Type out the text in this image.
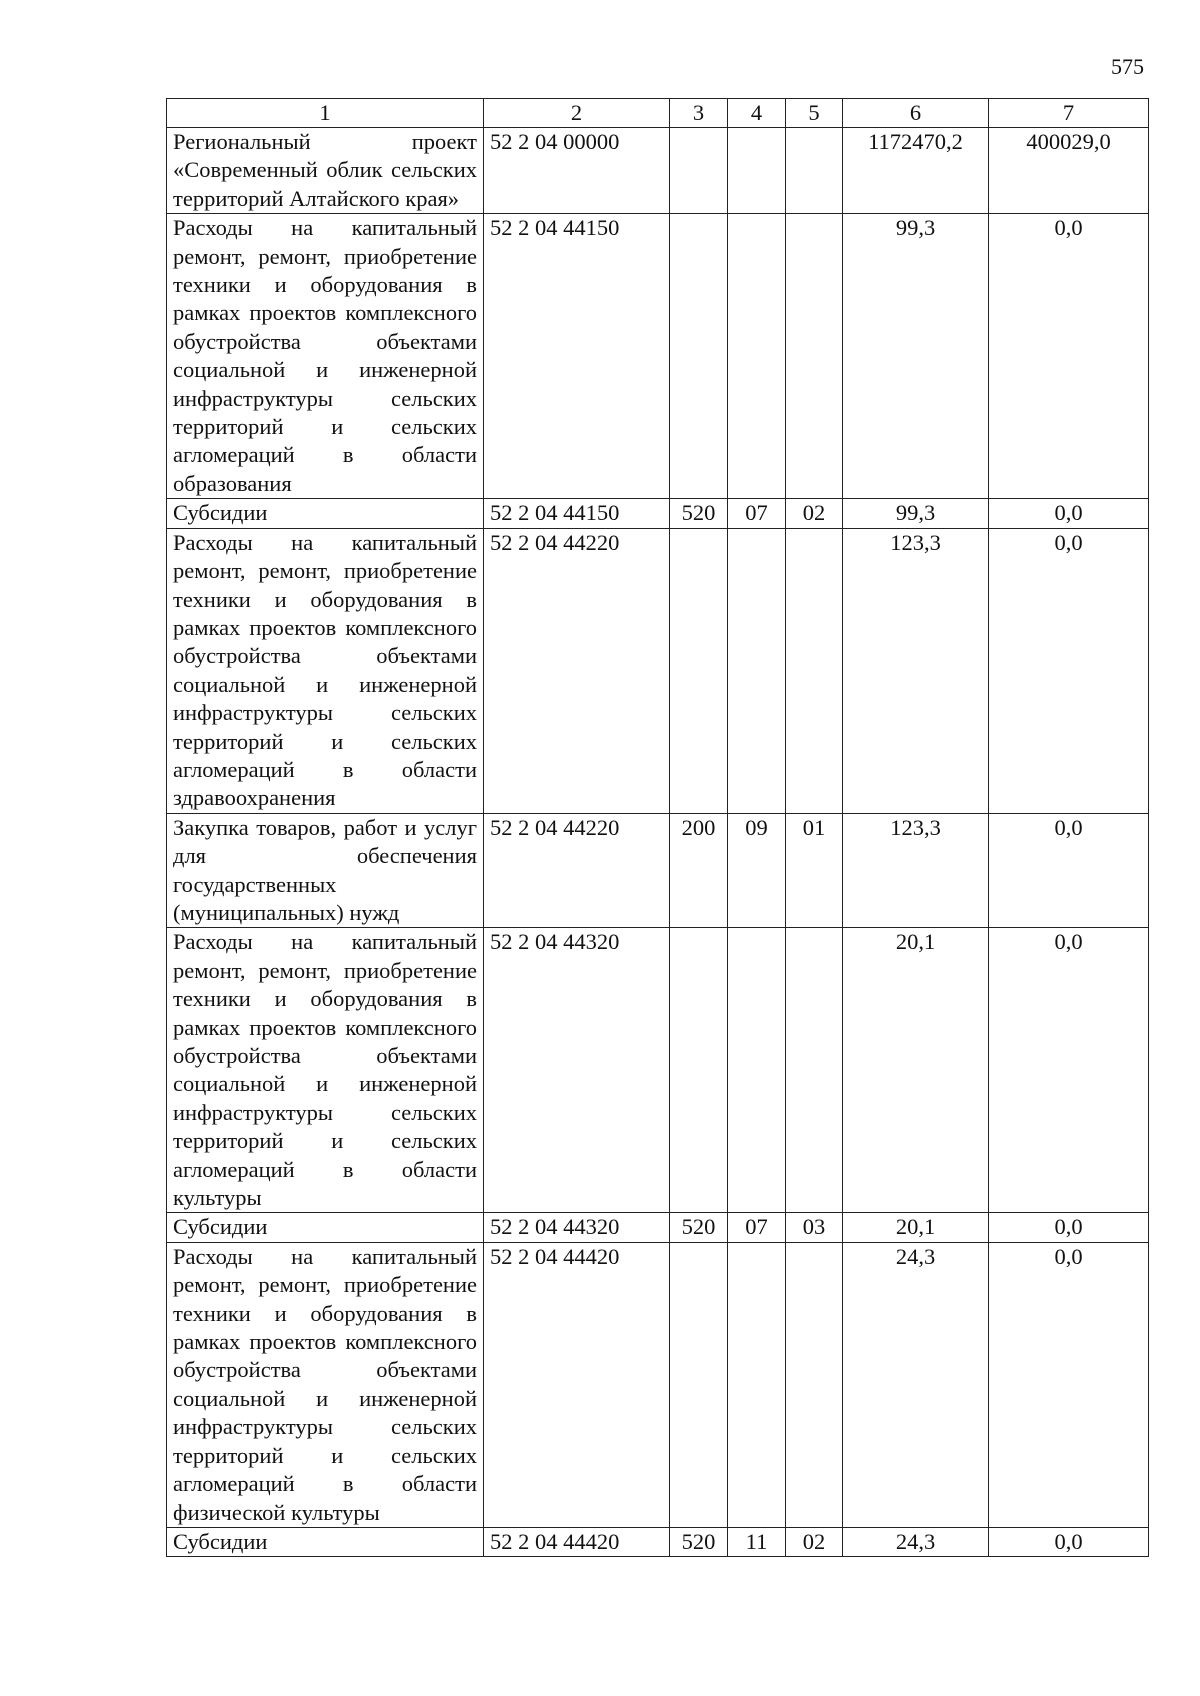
575
1	2	3	4	5	6	7
Региональный проект «Современный облик сельских территорий Алтайского края»	52 2 04 00000				1172470,2	400029,0
Расходы на капитальный ремонт, ремонт, приобретение техники и оборудования в рамках проектов комплексного обустройства объектами социальной и инженерной инфраструктуры сельских территорий и сельских агломераций в области образования	52 2 04 44150				99,3	0,0
Субсидии	52 2 04 44150	520	07	02	99,3	0,0
Расходы на капитальный ремонт, ремонт, приобретение техники и оборудования в рамках проектов комплексного обустройства объектами социальной и инженерной инфраструктуры сельских территорий и сельских агломераций в области здравоохранения	52 2 04 44220				123,3	0,0
Закупка товаров, работ и услуг для обеспечения государственных (муниципальных) нужд	52 2 04 44220	200	09	01	123,3	0,0
Расходы на капитальный ремонт, ремонт, приобретение техники и оборудования в рамках проектов комплексного обустройства объектами социальной и инженерной инфраструктуры сельских территорий и сельских агломераций в области культуры	52 2 04 44320				20,1	0,0
Субсидии	52 2 04 44320	520	07	03	20,1	0,0
Расходы на капитальный ремонт, ремонт, приобретение техники и оборудования в рамках проектов комплексного обустройства объектами социальной и инженерной инфраструктуры сельских территорий и сельских агломераций в области физической культуры	52 2 04 44420				24,3	0,0
Субсидии	52 2 04 44420	520	11	02	24,3	0,0
